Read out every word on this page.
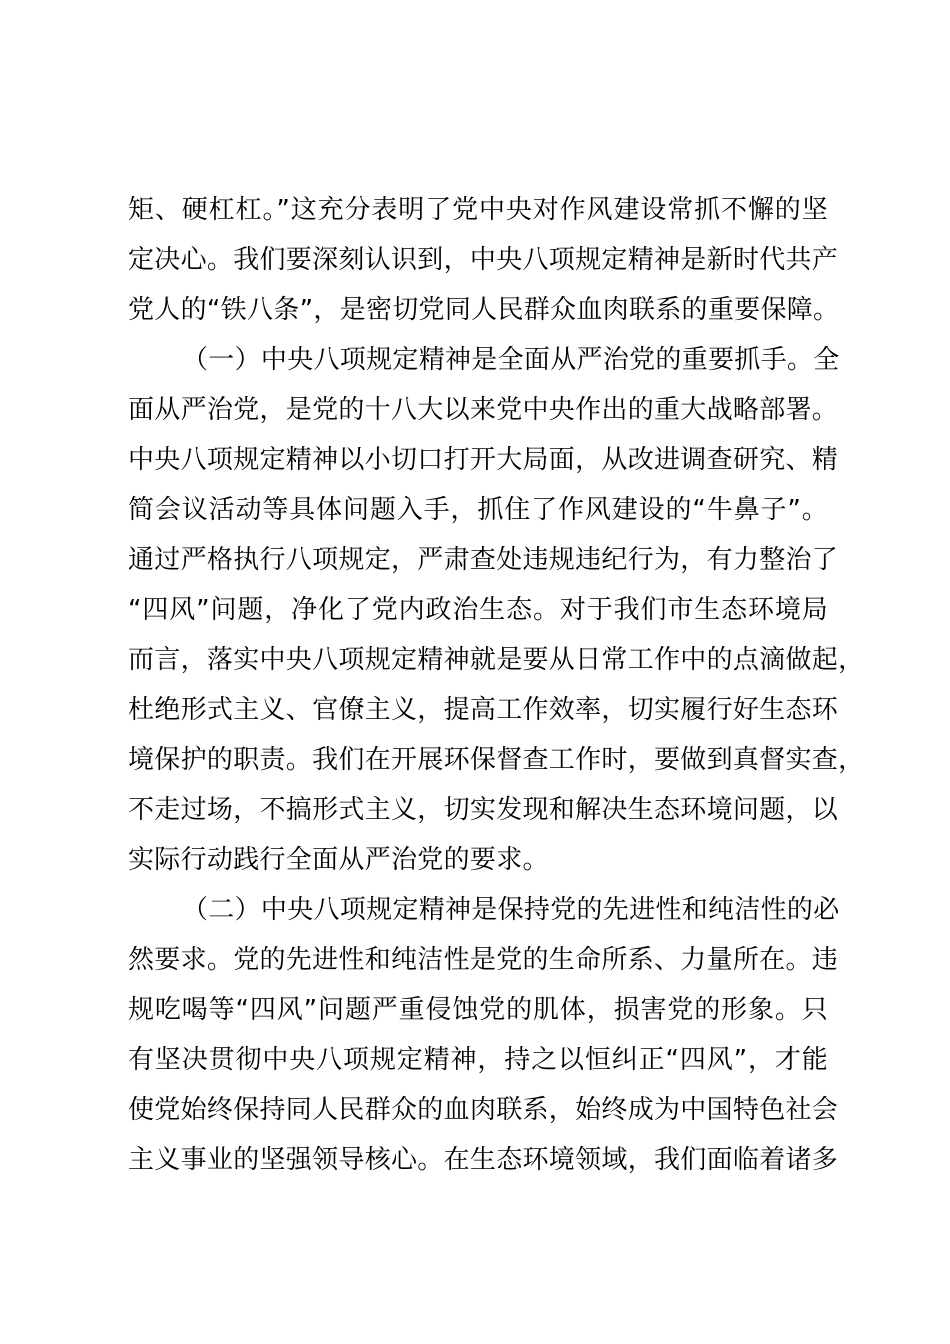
矩、硬杠杠。”这充分表明了党中央对作风建设常抓不懈的坚
定决心。我们要深刻认识到，中央八项规定精神是新时代共产
党人的“铁八条”，是密切党同人民群众血肉联系的重要保障。
（一）中央八项规定精神是全面从严治党的重要抓手。全
面从严治党，是党的十八大以来党中央作出的重大战略部署。
中央八项规定精神以小切口打开大局面，从改进调查研究、精
简会议活动等具体问题入手，抓住了作风建设的“牛鼻子”。
通过严格执行八项规定，严肃查处违规违纪行为，有力整治了
“四风”问题，净化了党内政治生态。对于我们市生态环境局
而言，落实中央八项规定精神就是要从日常工作中的点滴做起，
杜绝形式主义、官僚主义，提高工作效率，切实履行好生态环
境保护的职责。我们在开展环保督查工作时，要做到真督实查，
不走过场，不搞形式主义，切实发现和解决生态环境问题，以
实际行动践行全面从严治党的要求。
（二）中央八项规定精神是保持党的先进性和纯洁性的必
然要求。党的先进性和纯洁性是党的生命所系、力量所在。违
规吃喝等“四风”问题严重侵蚀党的肌体，损害党的形象。只
有坚决贯彻中央八项规定精神，持之以恒纠正“四风”，才能
使党始终保持同人民群众的血肉联系，始终成为中国特色社会
主义事业的坚强领导核心。在生态环境领域，我们面临着诸多
